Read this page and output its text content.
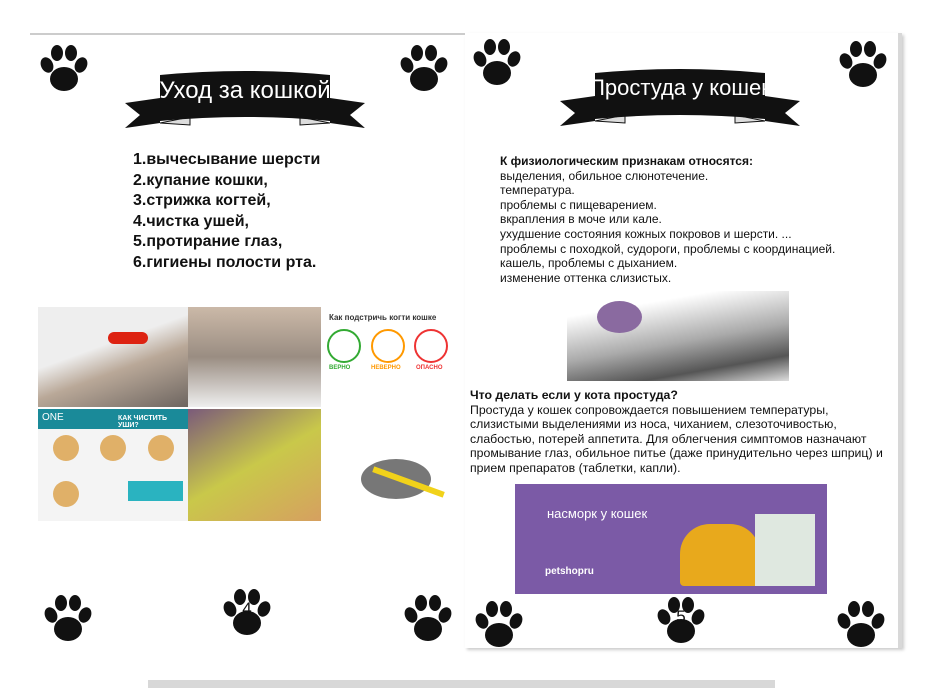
«Уход за кошкой»
1.вычесывание шерсти
2.купание кошки,
3.стрижка когтей,
4.чистка ушей,
5.протирание глаз,
6.гигиены полости рта.
Как подстричь когти кошке
ВЕРНО	НЕВЕРНО	ОПАСНО
ONE	КАК ЧИСТИТЬ УШИ?
4
«Простуда у кошек»
К физиологическим признакам относятся:
выделения, обильное слюнотечение.
температура.
проблемы с пищеварением.
вкрапления в моче или кале.
ухудшение состояния кожных покровов и шерсти. ...
проблемы с походкой, судороги, проблемы с координацией.
кашель, проблемы с дыханием.
изменение оттенка слизистых.
Что делать если у кота простуда?
Простуда у кошек сопровождается повышением температуры, слизистыми выделениями из носа, чиханием, слезоточивостью, слабостью, потерей аппетита. Для облегчения симптомов назначают промывание глаз, обильное питье (даже принудительно через шприц) и прием препаратов (таблетки, капли).
насморк у кошек
petshopru
5
